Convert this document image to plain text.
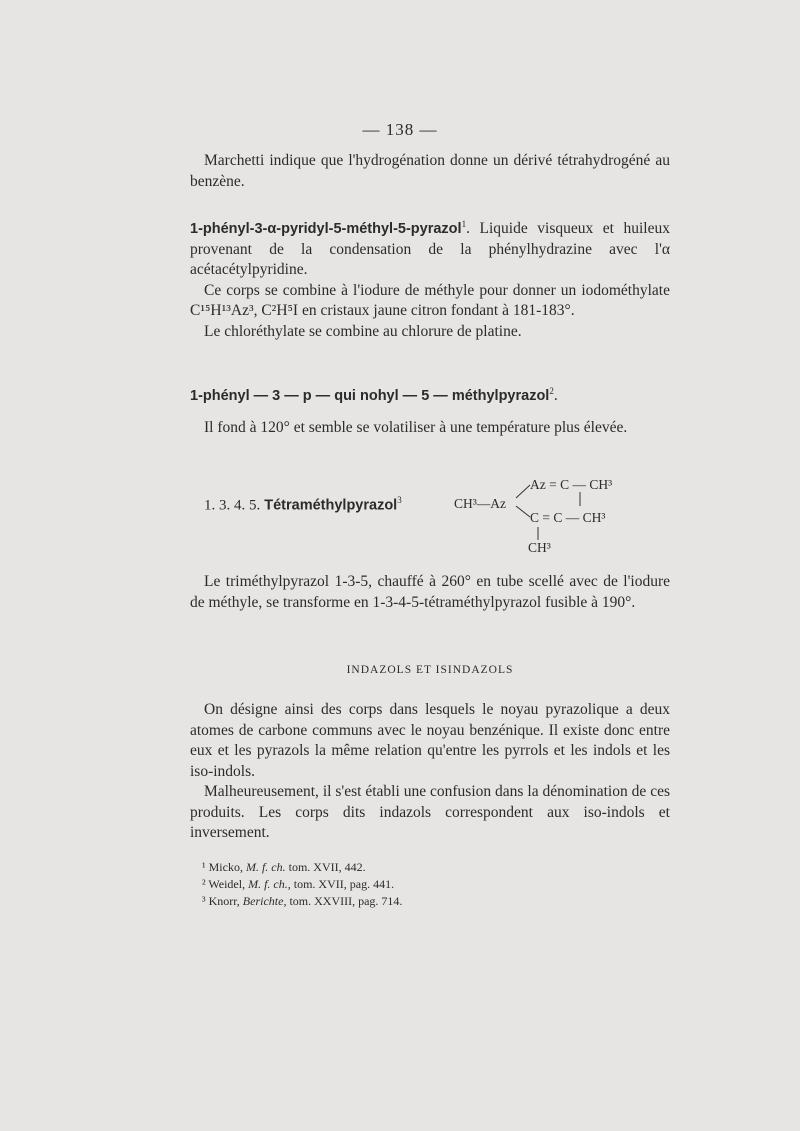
— 138 —

Marchetti indique que l'hydrogénation donne un dérivé tétrahydrogéné au benzène.

1-phényl-3-α-pyridyl-5-méthyl-5-pyrazol$^1$. Liquide visqueux et huileux provenant de la condensation de la phénylhydrazine avec l'α acétacétylpyridine.

Ce corps se combine à l'iodure de méthyle pour donner un iodométhylate C¹⁵H¹³Az³, C²H⁵I en cristaux jaune citron fondant à 181-183°.

Le chloréthylate se combine au chlorure de platine.

1-phényl — 3 — p — qui nohyl — 5 — méthylpyrazol$^2$.

Il fond à 120° et semble se volatiliser à une température plus élevée.

1. 3. 4. 5. Tétraméthylpyrazol$^3$	CH³—Az
Az = C — CH³
C = C — CH³
CH³

Le triméthylpyrazol 1-3-5, chauffé à 260° en tube scellé avec de l'iodure de méthyle, se transforme en 1-3-4-5-tétraméthylpyrazol fusible à 190°.

INDAZOLS ET ISINDAZOLS

On désigne ainsi des corps dans lesquels le noyau pyrazolique a deux atomes de carbone communs avec le noyau benzénique. Il existe donc entre eux et les pyrazols la même relation qu'entre les pyrrols et les indols et les iso-indols.

Malheureusement, il s'est établi une confusion dans la dénomination de ces produits. Les corps dits indazols correspondent aux iso-indols et inversement.

¹ Micko, M. f. ch. tom. XVII, 442.

² Weidel, M. f. ch., tom. XVII, pag. 441.

³ Knorr, Berichte, tom. XXVIII, pag. 714.
